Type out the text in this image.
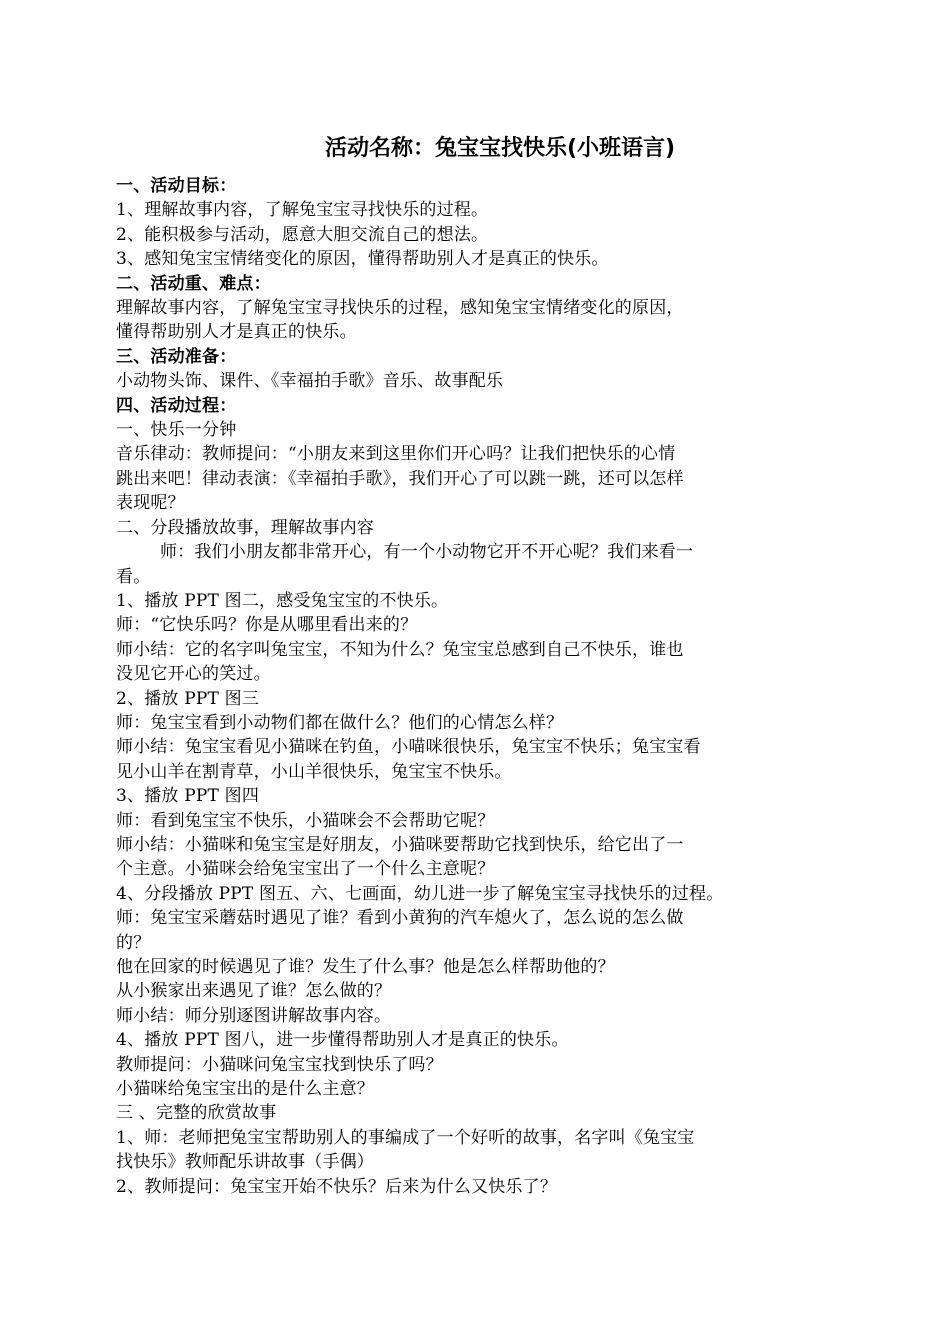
活动名称：兔宝宝找快乐(小班语言)
一、活动目标：
1、理解故事内容，了解兔宝宝寻找快乐的过程。
2、能积极参与活动，愿意大胆交流自己的想法。
3、感知兔宝宝情绪变化的原因，懂得帮助别人才是真正的快乐。
二、活动重、难点：
理解故事内容，了解兔宝宝寻找快乐的过程，感知兔宝宝情绪变化的原因，
懂得帮助别人才是真正的快乐。
三、活动准备：
小动物头饰、课件、《幸福拍手歌》音乐、故事配乐
四、活动过程：
一、快乐一分钟
音乐律动：教师提问：“小朋友来到这里你们开心吗？让我们把快乐的心情
跳出来吧！律动表演：《幸福拍手歌》，我们开心了可以跳一跳，还可以怎样
表现呢？
二、分段播放故事，理解故事内容
师：我们小朋友都非常开心，有一个小动物它开不开心呢？我们来看一
看。
1、播放 PPT 图二，感受兔宝宝的不快乐。
师：“它快乐吗？你是从哪里看出来的？
师小结：它的名字叫兔宝宝，不知为什么？兔宝宝总感到自己不快乐，谁也
没见它开心的笑过。
2、播放 PPT 图三
师：兔宝宝看到小动物们都在做什么？他们的心情怎么样？
师小结：兔宝宝看见小猫咪在钓鱼，小喵咪很快乐，兔宝宝不快乐；兔宝宝看
见小山羊在割青草，小山羊很快乐，兔宝宝不快乐。
3、播放 PPT 图四
师：看到兔宝宝不快乐，小猫咪会不会帮助它呢？
师小结：小猫咪和兔宝宝是好朋友，小猫咪要帮助它找到快乐，给它出了一
个主意。小猫咪会给兔宝宝出了一个什么主意呢？
4、分段播放 PPT 图五、六、七画面，幼儿进一步了解兔宝宝寻找快乐的过程。
师：兔宝宝采蘑菇时遇见了谁？看到小黄狗的汽车熄火了，怎么说的怎么做
的？
他在回家的时候遇见了谁？发生了什么事？他是怎么样帮助他的？
从小猴家出来遇见了谁？怎么做的？
师小结：师分别逐图讲解故事内容。
4、播放 PPT 图八，进一步懂得帮助别人才是真正的快乐。
教师提问：小猫咪问兔宝宝找到快乐了吗？
小猫咪给兔宝宝出的是什么主意？
三 、完整的欣赏故事
1、师：老师把兔宝宝帮助别人的事编成了一个好听的故事，名字叫《兔宝宝
找快乐》教师配乐讲故事（手偶）
2、教师提问：兔宝宝开始不快乐？后来为什么又快乐了？
